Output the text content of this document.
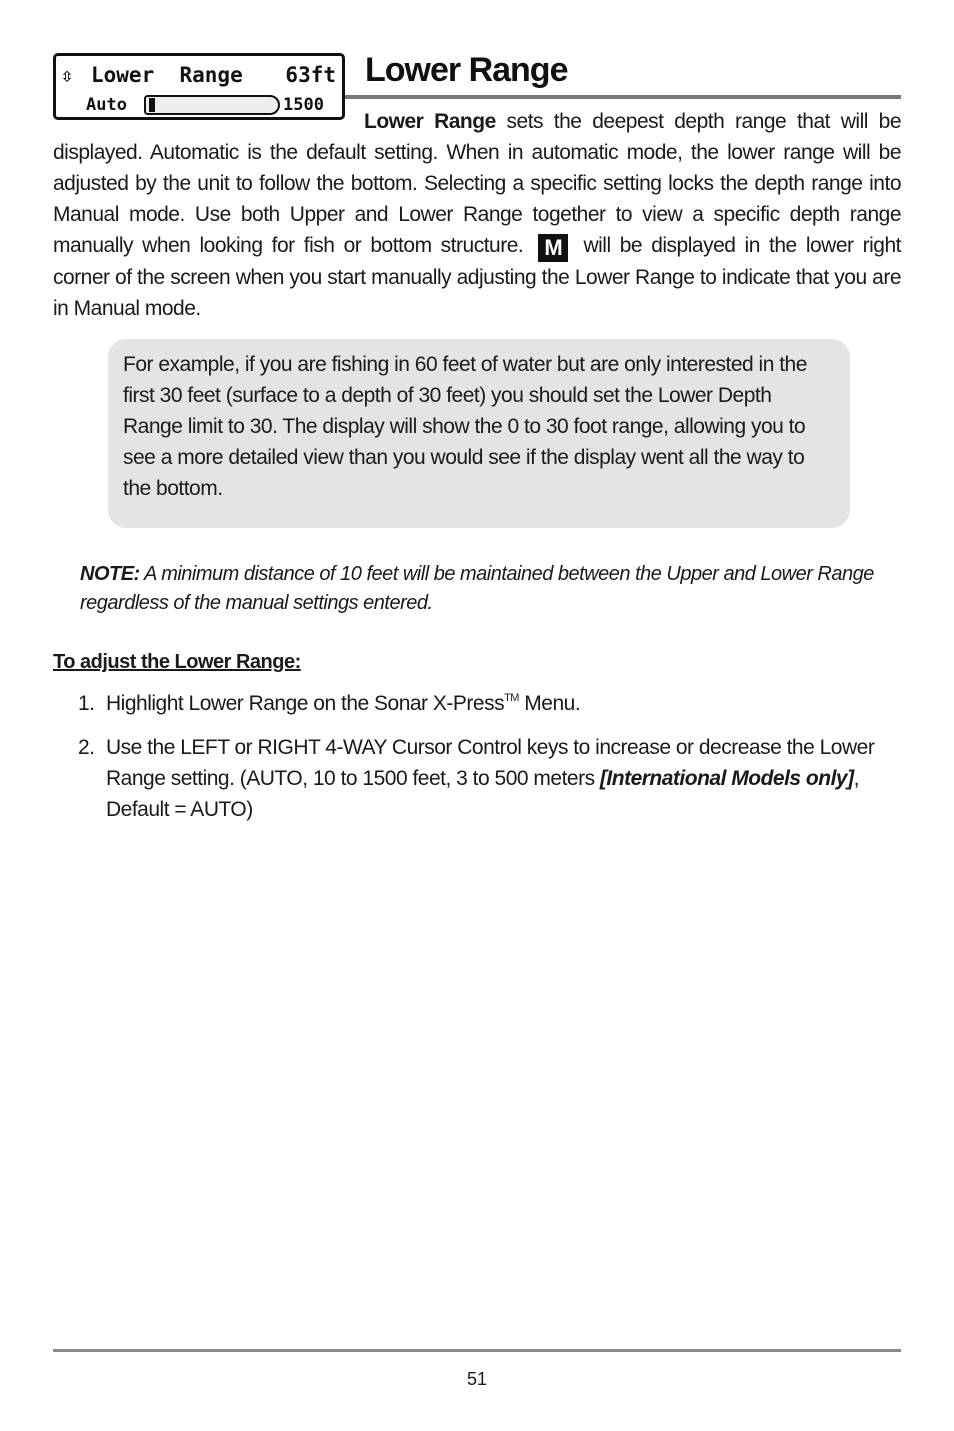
⇳ Lower  Range 63ft
Auto	1500
Lower Range

Lower Range sets the deepest depth range that will be displayed. Automatic is the default setting. When in automatic mode, the lower range will be adjusted by the unit to follow the bottom. Selecting a specific setting locks the depth range into Manual mode. Use both Upper and Lower Range together to view a specific depth range manually when looking for fish or bottom structure. M will be displayed in the lower right corner of the screen when you start manually adjusting the Lower Range to indicate that you are in Manual mode.

For example, if you are fishing in 60 feet of water but are only interested in the first 30 feet (surface to a depth of 30 feet) you should set the Lower Depth Range limit to 30. The display will show the 0 to 30 foot range, allowing you to see a more detailed view than you would see if the display went all the way to the bottom.

NOTE: A minimum distance of 10 feet will be maintained between the Upper and Lower Range regardless of the manual settings entered.

To adjust the Lower Range:
1. Highlight Lower Range on the Sonar X-Press™ Menu.
2. Use the LEFT or RIGHT 4-WAY Cursor Control keys to increase or decrease the Lower Range setting. (AUTO, 10 to 1500 feet, 3 to 500 meters [International Models only], Default = AUTO)
51
